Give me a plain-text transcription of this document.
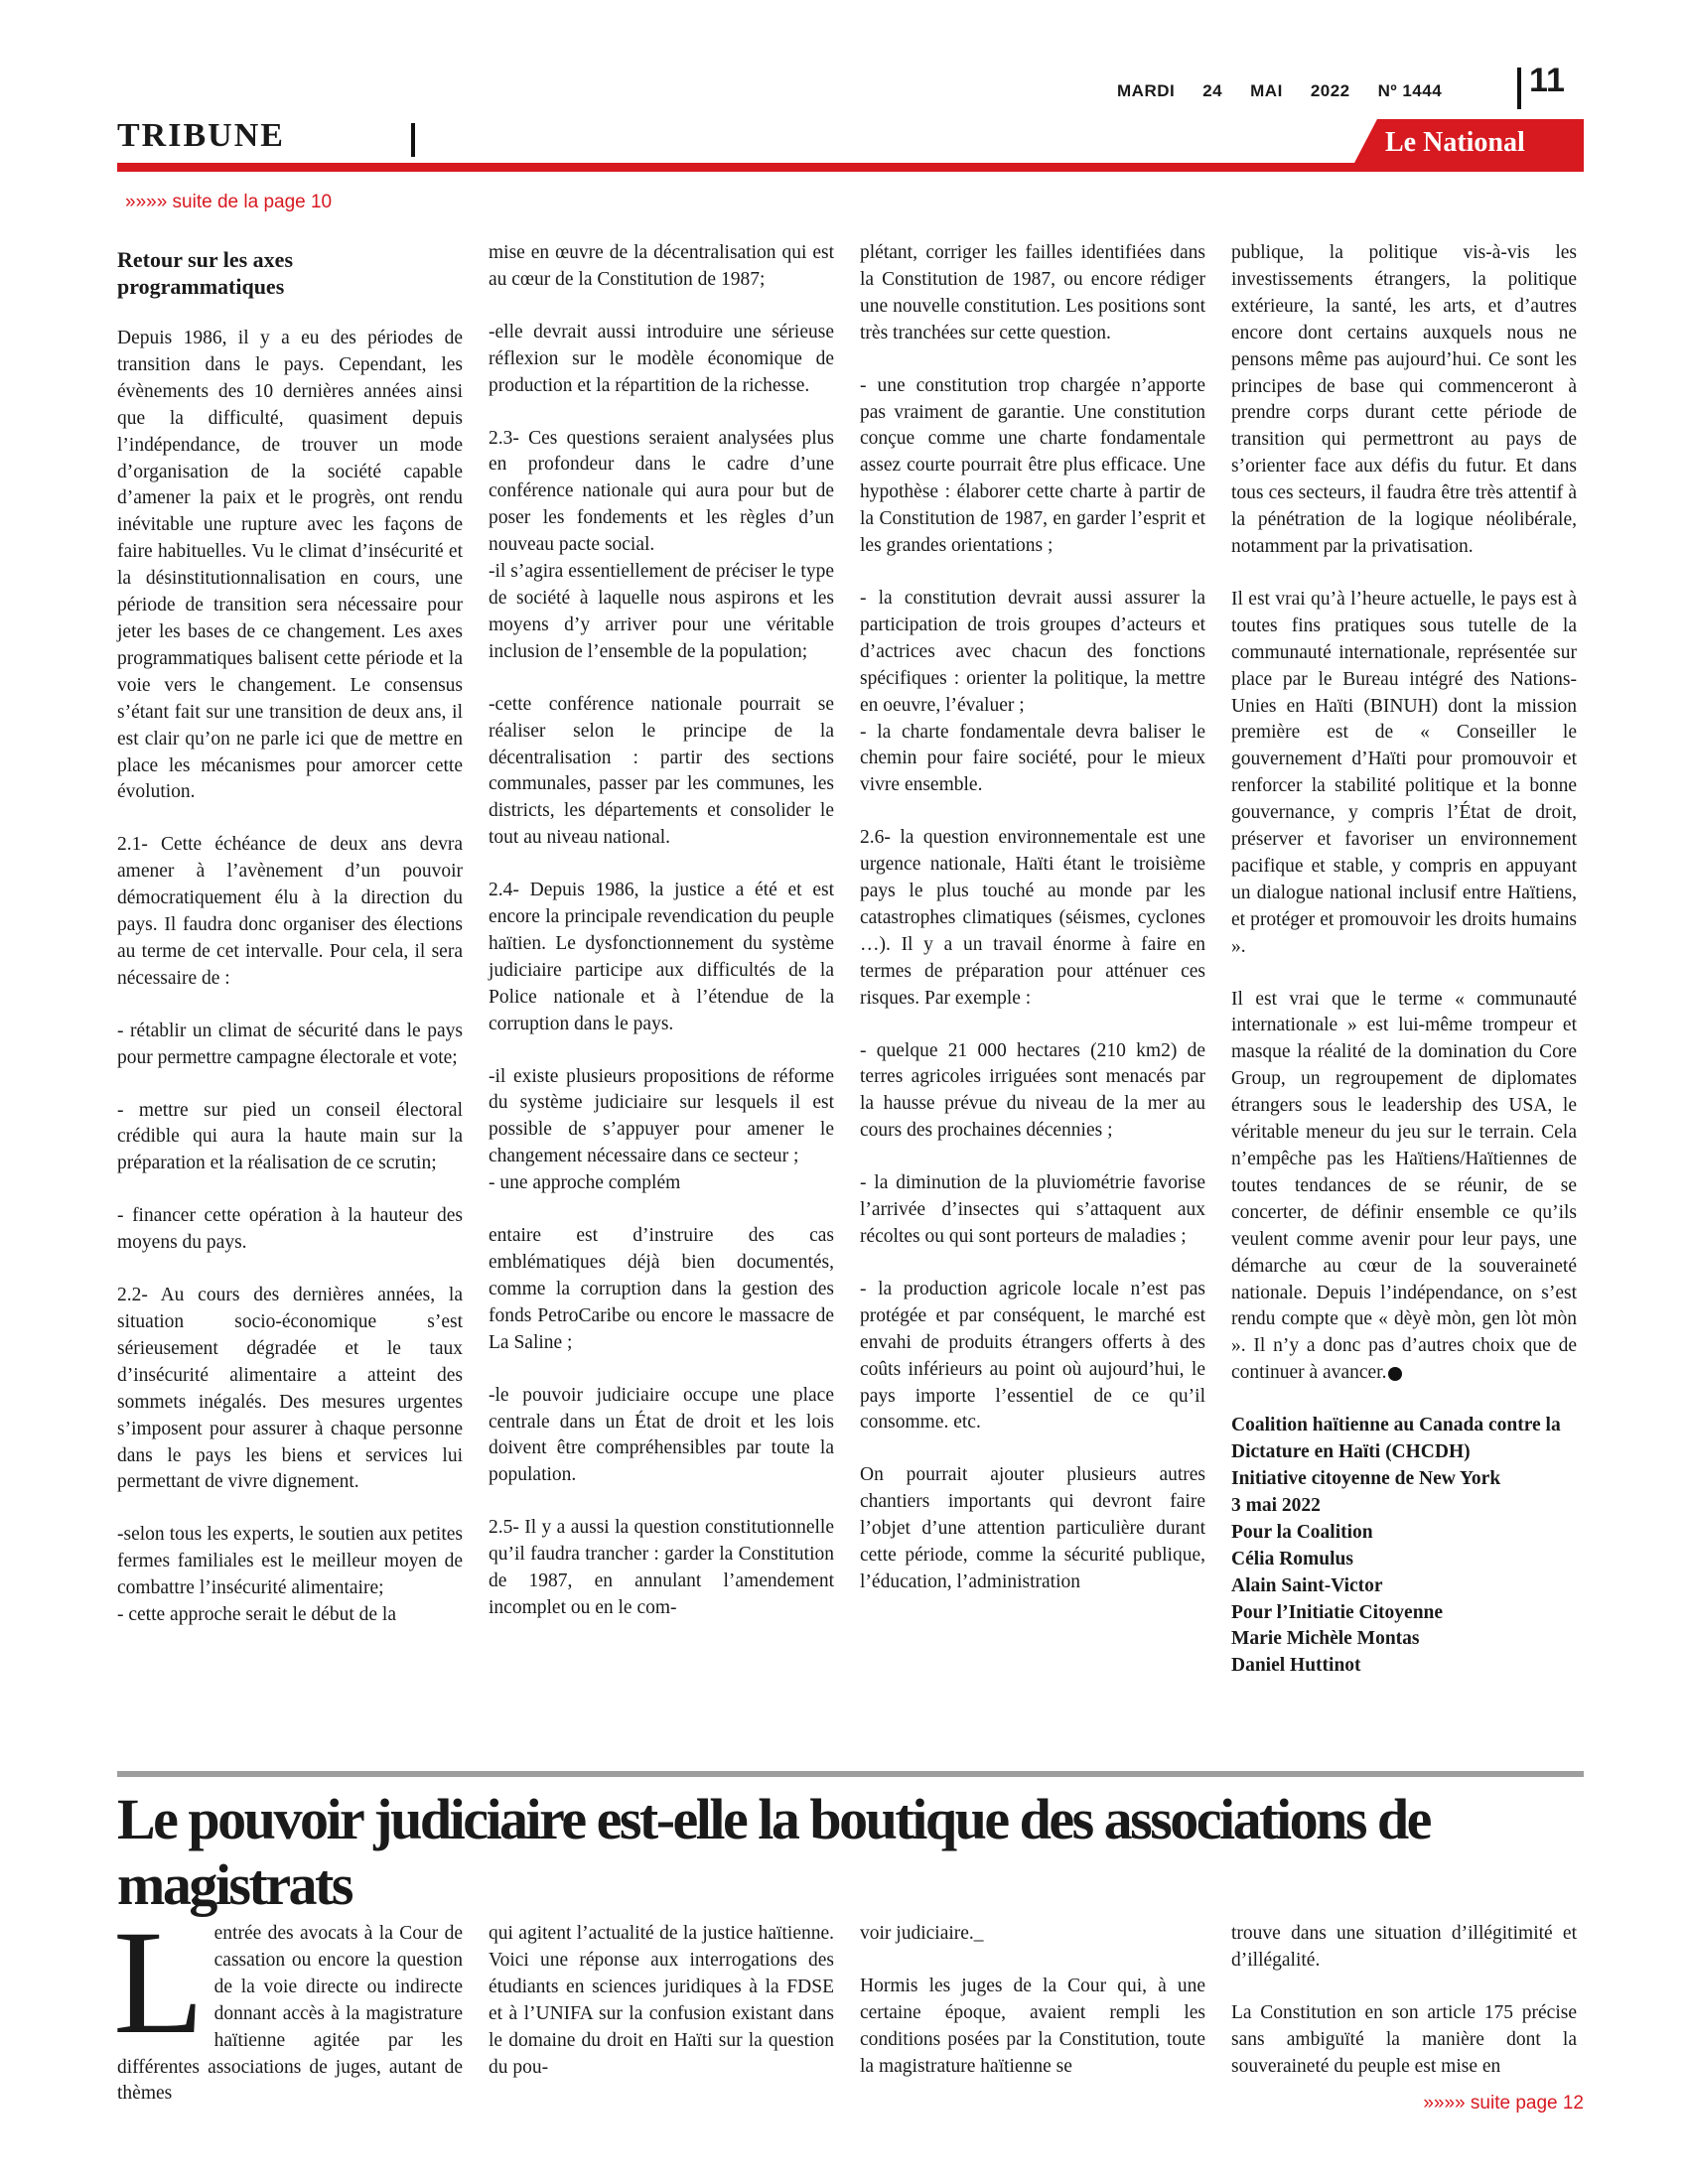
MARDI 24 MAI 2022 Nº 1444	11
TRIBUNE	Le National
»»»» suite de la page 10
Retour sur les axes programmatiques

Depuis 1986, il y a eu des périodes de transition dans le pays. Cependant, les évènements des 10 dernières années ainsi que la difficulté, quasiment depuis l’indépendance, de trouver un mode d’organisation de la société capable d’amener la paix et le progrès, ont rendu inévitable une rupture avec les façons de faire habituelles. Vu le climat d’insécurité et la désinstitutionnalisation en cours, une période de transition sera nécessaire pour jeter les bases de ce changement. Les axes programmatiques balisent cette période et la voie vers le changement. Le consensus s’étant fait sur une transition de deux ans, il est clair qu’on ne parle ici que de mettre en place les mécanismes pour amorcer cette évolution.

2.1- Cette échéance de deux ans devra amener à l’avènement d’un pouvoir démocratiquement élu à la direction du pays. Il faudra donc organiser des élections au terme de cet intervalle. Pour cela, il sera nécessaire de :

- rétablir un climat de sécurité dans le pays pour permettre campagne électorale et vote;

- mettre sur pied un conseil électoral crédible qui aura la haute main sur la préparation et la réalisation de ce scrutin;

- financer cette opération à la hauteur des moyens du pays.

2.2- Au cours des dernières années, la situation socio-économique s’est sérieusement dégradée et le taux d’insécurité alimentaire a atteint des sommets inégalés. Des mesures urgentes s’imposent pour assurer à chaque personne dans le pays les biens et services lui permettant de vivre dignement.

-selon tous les experts, le soutien aux petites fermes familiales est le meilleur moyen de combattre l’insécurité alimentaire;

- cette approche serait le début de la

mise en œuvre de la décentralisation qui est au cœur de la Constitution de 1987;

-elle devrait aussi introduire une sérieuse réflexion sur le modèle économique de production et la répartition de la richesse.

2.3- Ces questions seraient analysées plus en profondeur dans le cadre d’une conférence nationale qui aura pour but de poser les fondements et les règles d’un nouveau pacte social.

-il s’agira essentiellement de préciser le type de société à laquelle nous aspirons et les moyens d’y arriver pour une véritable inclusion de l’ensemble de la population;

-cette conférence nationale pourrait se réaliser selon le principe de la décentralisation : partir des sections communales, passer par les communes, les districts, les départements et consolider le tout au niveau national.

2.4- Depuis 1986, la justice a été et est encore la principale revendication du peuple haïtien. Le dysfonctionnement du système judiciaire participe aux difficultés de la Police nationale et à l’étendue de la corruption dans le pays.

-il existe plusieurs propositions de réforme du système judiciaire sur lesquels il est possible de s’appuyer pour amener le changement nécessaire dans ce secteur ;

- une approche complém

entaire est d’instruire des cas emblématiques déjà bien documentés, comme la corruption dans la gestion des fonds PetroCaribe ou encore le massacre de La Saline ;

-le pouvoir judiciaire occupe une place centrale dans un État de droit et les lois doivent être compréhensibles par toute la population.

2.5- Il y a aussi la question constitutionnelle qu’il faudra trancher : garder la Constitution de 1987, en annulant l’amendement incomplet ou en le com-

plétant, corriger les failles identifiées dans la Constitution de 1987, ou encore rédiger une nouvelle constitution. Les positions sont très tranchées sur cette question.

- une constitution trop chargée n’apporte pas vraiment de garantie. Une constitution conçue comme une charte fondamentale assez courte pourrait être plus efficace. Une hypothèse : élaborer cette charte à partir de la Constitution de 1987, en garder l’esprit et les grandes orientations ;

- la constitution devrait aussi assurer la participation de trois groupes d’acteurs et d’actrices avec chacun des fonctions spécifiques : orienter la politique, la mettre en oeuvre, l’évaluer ;

- la charte fondamentale devra baliser le chemin pour faire société, pour le mieux vivre ensemble.

2.6- la question environnementale est une urgence nationale, Haïti étant le troisième pays le plus touché au monde par les catastrophes climatiques (séismes, cyclones …). Il y a un travail énorme à faire en termes de préparation pour atténuer ces risques. Par exemple :

- quelque 21 000 hectares (210 km2) de terres agricoles irriguées sont menacés par la hausse prévue du niveau de la mer au cours des prochaines décennies ;

- la diminution de la pluviométrie favorise l’arrivée d’insectes qui s’attaquent aux récoltes ou qui sont porteurs de maladies ;

- la production agricole locale n’est pas protégée et par conséquent, le marché est envahi de produits étrangers offerts à des coûts inférieurs au point où aujourd’hui, le pays importe l’essentiel de ce qu’il consomme. etc.

On pourrait ajouter plusieurs autres chantiers importants qui devront faire l’objet d’une attention particulière durant cette période, comme la sécurité publique, l’éducation, l’administration

publique, la politique vis-à-vis les investissements étrangers, la politique extérieure, la santé, les arts, et d’autres encore dont certains auxquels nous ne pensons même pas aujourd’hui. Ce sont les principes de base qui commenceront à prendre corps durant cette période de transition qui permettront au pays de s’orienter face aux défis du futur. Et dans tous ces secteurs, il faudra être très attentif à la pénétration de la logique néolibérale, notamment par la privatisation.

Il est vrai qu’à l’heure actuelle, le pays est à toutes fins pratiques sous tutelle de la communauté internationale, représentée sur place par le Bureau intégré des Nations-Unies en Haïti (BINUH) dont la mission première est de « Conseiller le gouvernement d’Haïti pour promouvoir et renforcer la stabilité politique et la bonne gouvernance, y compris l’État de droit, préserver et favoriser un environnement pacifique et stable, y compris en appuyant un dialogue national inclusif entre Haïtiens, et protéger et promouvoir les droits humains ».

Il est vrai que le terme « communauté internationale » est lui-même trompeur et masque la réalité de la domination du Core Group, un regroupement de diplomates étrangers sous le leadership des USA, le véritable meneur du jeu sur le terrain. Cela n’empêche pas les Haïtiens/Haïtiennes de toutes tendances de se réunir, de se concerter, de définir ensemble ce qu’ils veulent comme avenir pour leur pays, une démarche au cœur de la souveraineté nationale. Depuis l’indépendance, on s’est rendu compte que « dèyè mòn, gen lòt mòn ». Il n’y a donc pas d’autres choix que de continuer à avancer.

Coalition haïtienne au Canada contre la Dictature en Haïti (CHCDH)

Initiative citoyenne de New York

3 mai 2022

Pour la Coalition

Célia Romulus

Alain Saint-Victor

Pour l’Initiatie Citoyenne

Marie Michèle Montas

Daniel Huttinot

Le pouvoir judiciaire est-elle la boutique des associations de magistrats

Lentrée des avocats à la Cour de cassation ou encore la question de la voie directe ou indirecte donnant accès à la magistrature haïtienne agitée par les différentes associations de juges, autant de thèmes

qui agitent l’actualité de la justice haïtienne. Voici une réponse aux interrogations des étudiants en sciences juridiques à la FDSE et à l’UNIFA sur la confusion existant dans le domaine du droit en Haïti sur la question du pou-

voir judiciaire._

Hormis les juges de la Cour qui, à une certaine époque, avaient rempli les conditions posées par la Constitution, toute la magistrature haïtienne se

trouve dans une situation d’illégitimité et d’illégalité.

La Constitution en son article 175 précise sans ambiguïté la manière dont la souveraineté du peuple est mise en

»»»» suite page 12
